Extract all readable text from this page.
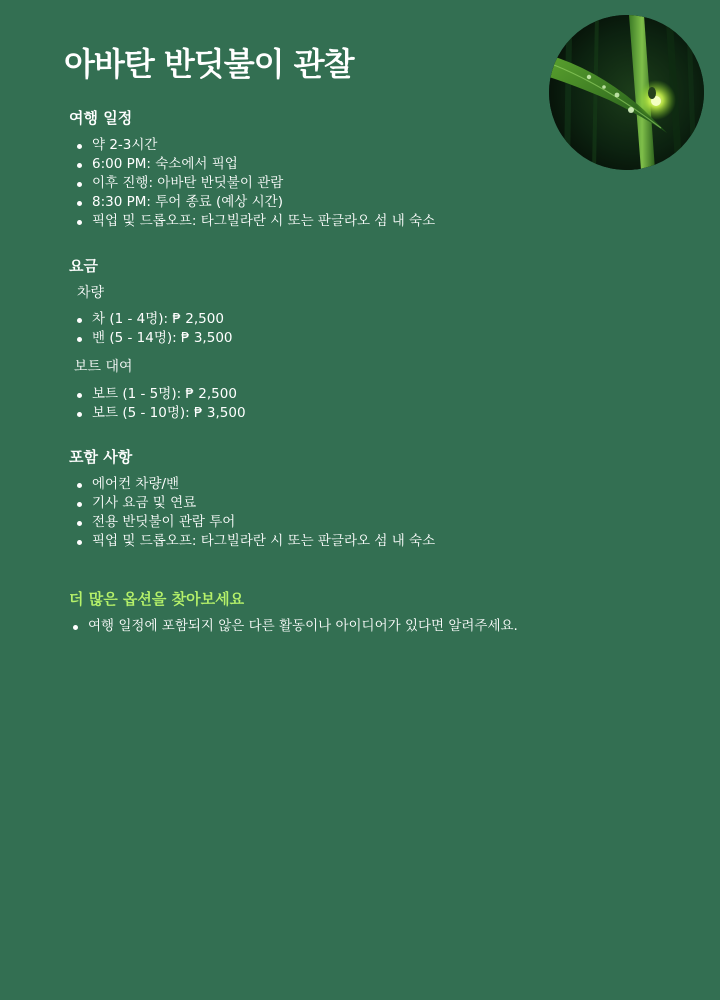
아바탄 반딧불이 관찰
여행 일정
약 2-3시간
6:00 PM: 숙소에서 픽업
이후 진행: 아바탄 반딧불이 관람
8:30 PM: 투어 종료 (예상 시간)
픽업 및 드롭오프: 타그빌라란 시 또는 판글라오 섬 내 숙소
요금

차량

차 (1 - 4명): ₱ 2,500
밴 (5 - 14명): ₱ 3,500

보트 대여

보트 (1 - 5명): ₱ 2,500
보트 (5 - 10명): ₱ 3,500
포함 사항
에어컨 차량/밴
기사 요금 및 연료
전용 반딧불이 관람 투어
픽업 및 드롭오프: 타그빌라란 시 또는 판글라오 섬 내 숙소
더 많은 옵션을 찾아보세요
여행 일정에 포함되지 않은 다른 활동이나 아이디어가 있다면 알려주세요.
